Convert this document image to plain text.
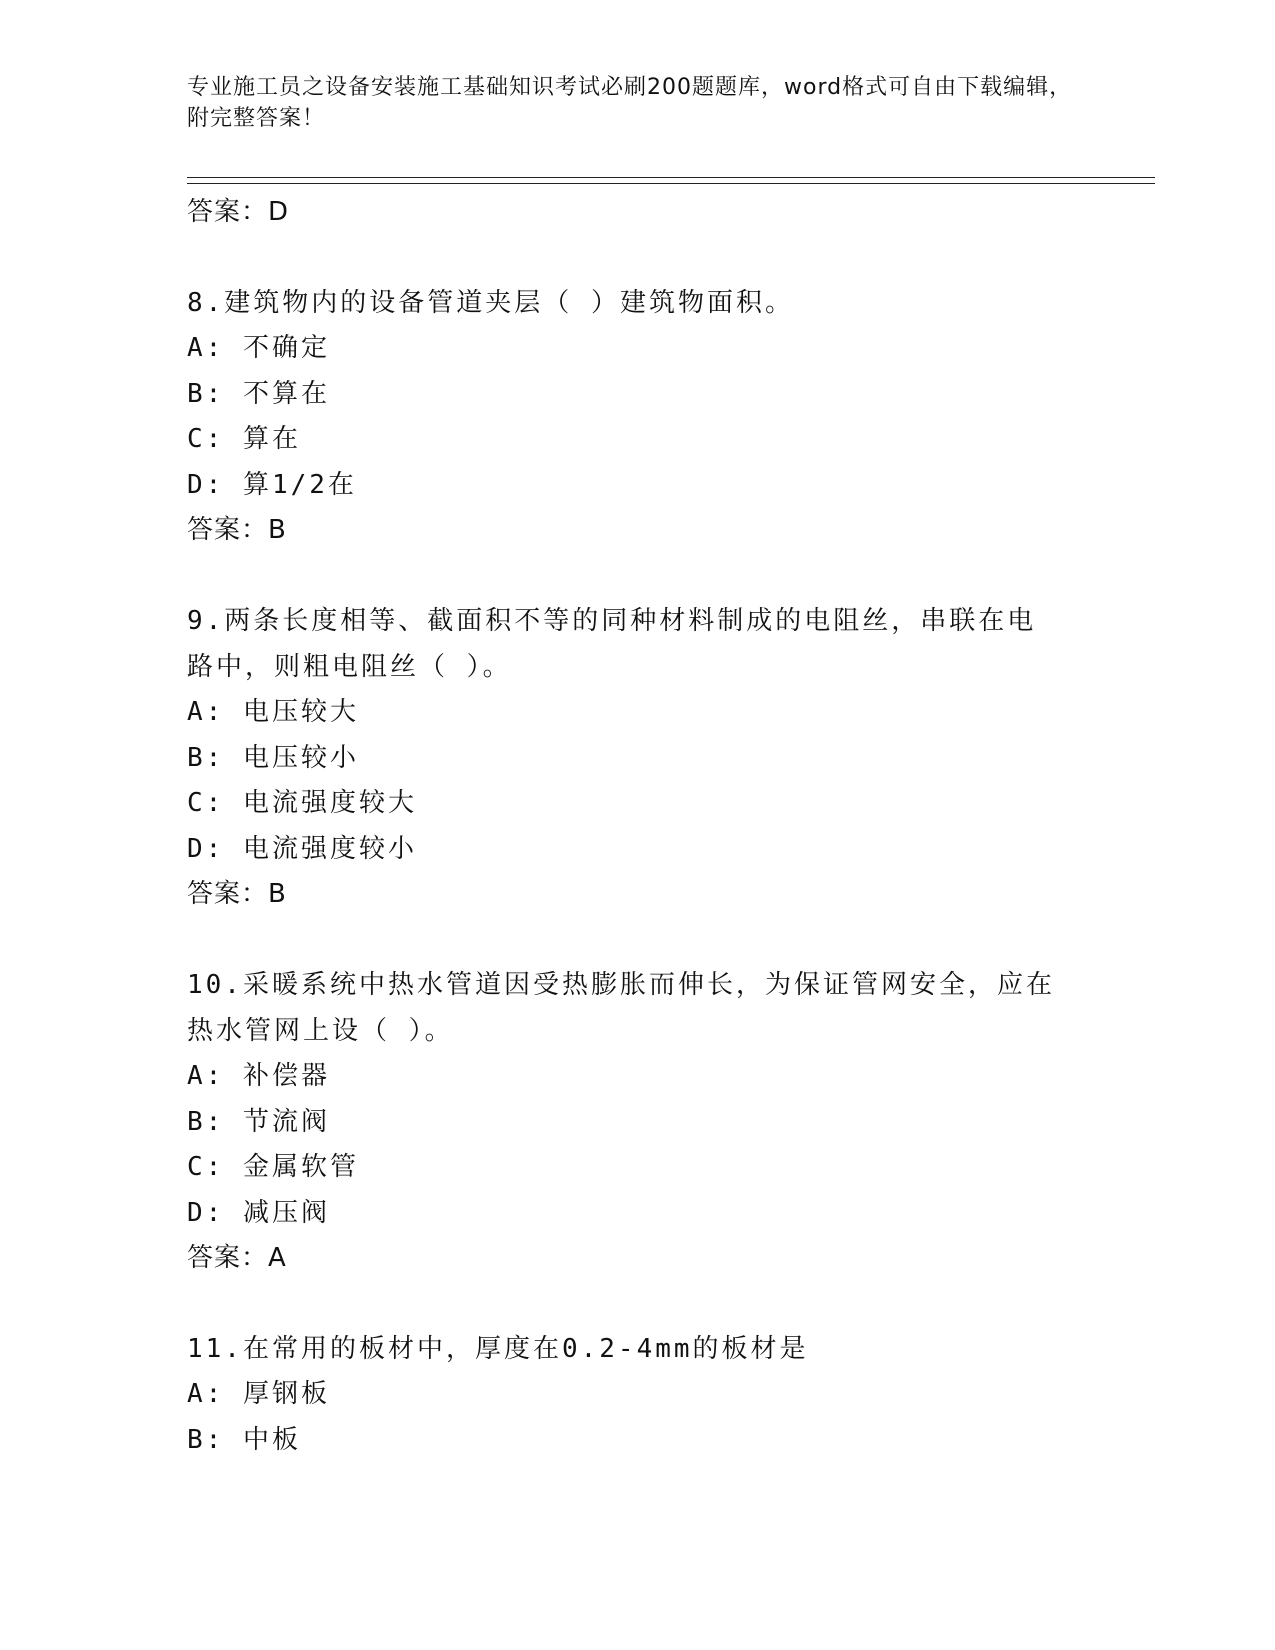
专业施工员之设备安装施工基础知识考试必刷200题题库，word格式可自由下载编辑，附完整答案！
答案：D
8.建筑物内的设备管道夹层（ ）建筑物面积。
A: 不确定
B: 不算在
C: 算在
D: 算1/2在
答案：B
9.两条长度相等、截面积不等的同种材料制成的电阻丝，串联在电路中，则粗电阻丝（ ）。
A: 电压较大
B: 电压较小
C: 电流强度较大
D: 电流强度较小
答案：B
10.采暖系统中热水管道因受热膨胀而伸长，为保证管网安全，应在热水管网上设（ ）。
A: 补偿器
B: 节流阀
C: 金属软管
D: 减压阀
答案：A
11.在常用的板材中，厚度在0.2-4mm的板材是
A: 厚钢板
B: 中板
